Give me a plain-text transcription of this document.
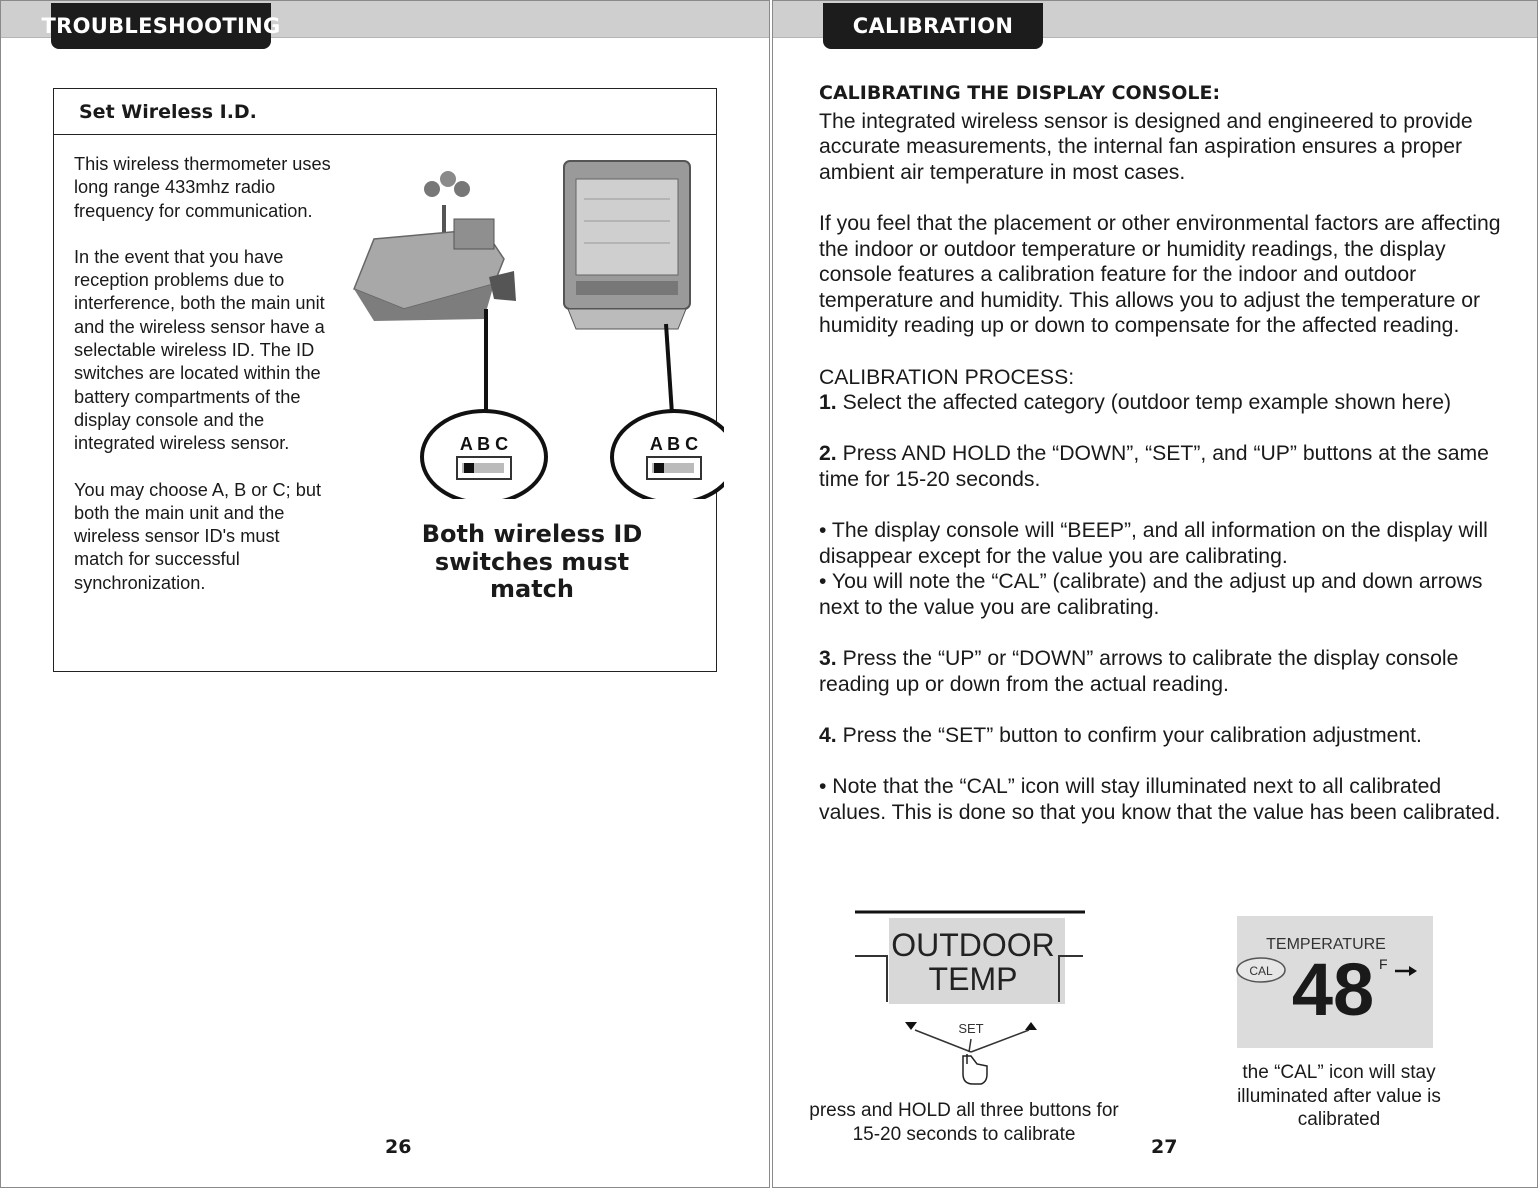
TROUBLESHOOTING
Set Wireless I.D.

This wireless thermometer uses long range 433mhz radio frequency for communication.

In the event that you have reception problems due to interference, both the main unit and the wireless sensor have a selectable wireless ID. The ID switches are located within the battery compartments of the display console and the integrated wireless sensor.

You may choose A, B or C; but both the main unit and the wireless sensor ID's must match for successful synchronization.

A B C	A B C
Both wireless ID switches must match
26
CALIBRATION
CALIBRATING THE DISPLAY CONSOLE:

The integrated wireless sensor is designed and engineered to provide accurate measurements, the internal fan aspiration ensures a proper ambient air temperature in most cases.

If you feel that the placement or other environmental factors are affecting the indoor or outdoor temperature or humidity readings, the display console features a calibration feature for the indoor and outdoor temperature and humidity. This allows you to adjust the temperature or humidity reading up or down to compensate for the affected reading.

CALIBRATION PROCESS:

1. Select the affected category (outdoor temp example shown here)

2. Press AND HOLD the “DOWN”, “SET”, and “UP” buttons at the same time for 15-20 seconds.

• The display console will “BEEP”, and all information on the display will disappear except for the value you are calibrating.

• You will note the “CAL” (calibrate) and the adjust up and down arrows next to the value you are calibrating.

3. Press the “UP” or “DOWN” arrows to calibrate the display console reading up or down from the actual reading.

4. Press the “SET” button to confirm your calibration adjustment.

• Note that the “CAL” icon will stay illuminated next to all calibrated values. This is done so that you know that the value has been calibrated.

OUTDOOR
TEMP
SET
press and HOLD all three buttons for 15-20 seconds to calibrate
TEMPERATURE
CAL 48 F
the “CAL” icon will stay illuminated after value is calibrated
27
